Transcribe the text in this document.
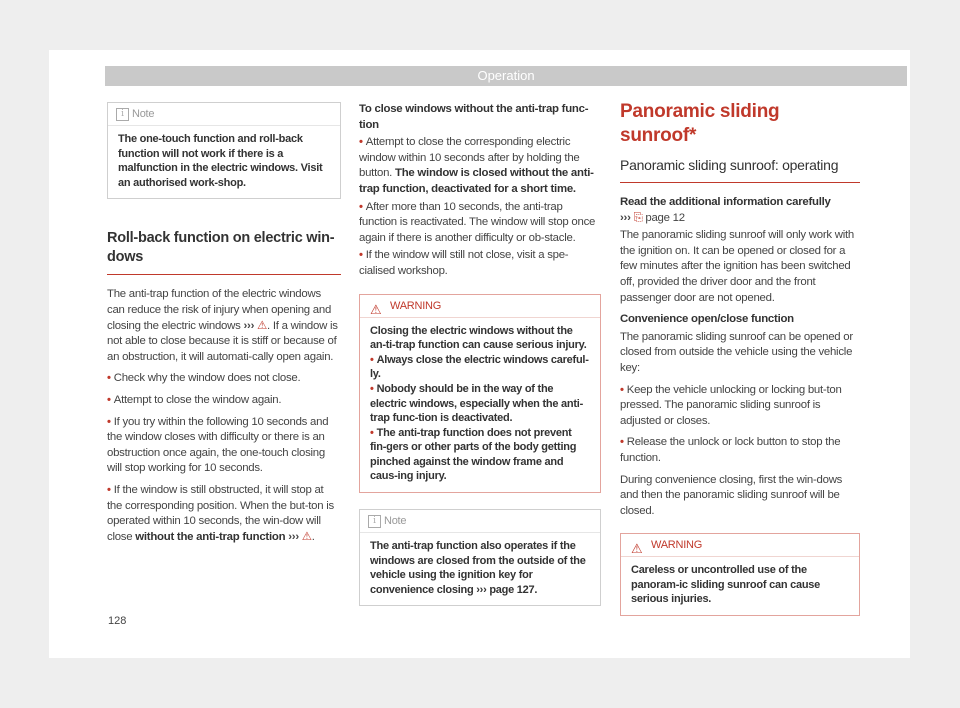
Operation
i Note
The one-touch function and roll-back function will not work if there is a malfunction in the electric windows. Visit an authorised work-shop.
Roll-back function on electric win-dows

The anti-trap function of the electric windows can reduce the risk of injury when opening and closing the electric windows ››› ⚠. If a window is not able to close because it is stiff or because of an obstruction, it will automati-cally open again.

• Check why the window does not close.

• Attempt to close the window again.

• If you try within the following 10 seconds and the window closes with difficulty or there is an obstruction once again, the one-touch closing will stop working for 10 seconds.

• If the window is still obstructed, it will stop at the corresponding position. When the but-ton is operated within 10 seconds, the win-dow will close without the anti-trap function ››› ⚠.

To close windows without the anti-trap func-tion

• Attempt to close the corresponding electric window within 10 seconds after by holding the button. The window is closed without the anti-trap function, deactivated for a short time.

• After more than 10 seconds, the anti-trap function is reactivated. The window will stop once again if there is another difficulty or ob-stacle.

• If the window will still not close, visit a spe-cialised workshop.

⚠ WARNING
Closing the electric windows without the an-ti-trap function can cause serious injury.
• Always close the electric windows careful-ly.
• Nobody should be in the way of the electric windows, especially when the anti-trap func-tion is deactivated.
• The anti-trap function does not prevent fin-gers or other parts of the body getting pinched against the window frame and caus-ing injury.
i Note
The anti-trap function also operates if the windows are closed from the outside of the vehicle using the ignition key for convenience closing ››› page 127.
Panoramic sliding sunroof*
Panoramic sliding sunroof: operating

Read the additional information carefully
››› ⎘ page 12

The panoramic sliding sunroof will only work with the ignition on. It can be opened or closed for a few minutes after the ignition has been switched off, provided the driver door and the front passenger door are not opened.

Convenience open/close function

The panoramic sliding sunroof can be opened or closed from outside the vehicle using the vehicle key:

• Keep the vehicle unlocking or locking but-ton pressed. The panoramic sliding sunroof is adjusted or closes.

• Release the unlock or lock button to stop the function.

During convenience closing, first the win-dows and then the panoramic sliding sunroof will be closed.

⚠ WARNING
Careless or uncontrolled use of the panoram-ic sliding sunroof can cause serious injuries.
128
